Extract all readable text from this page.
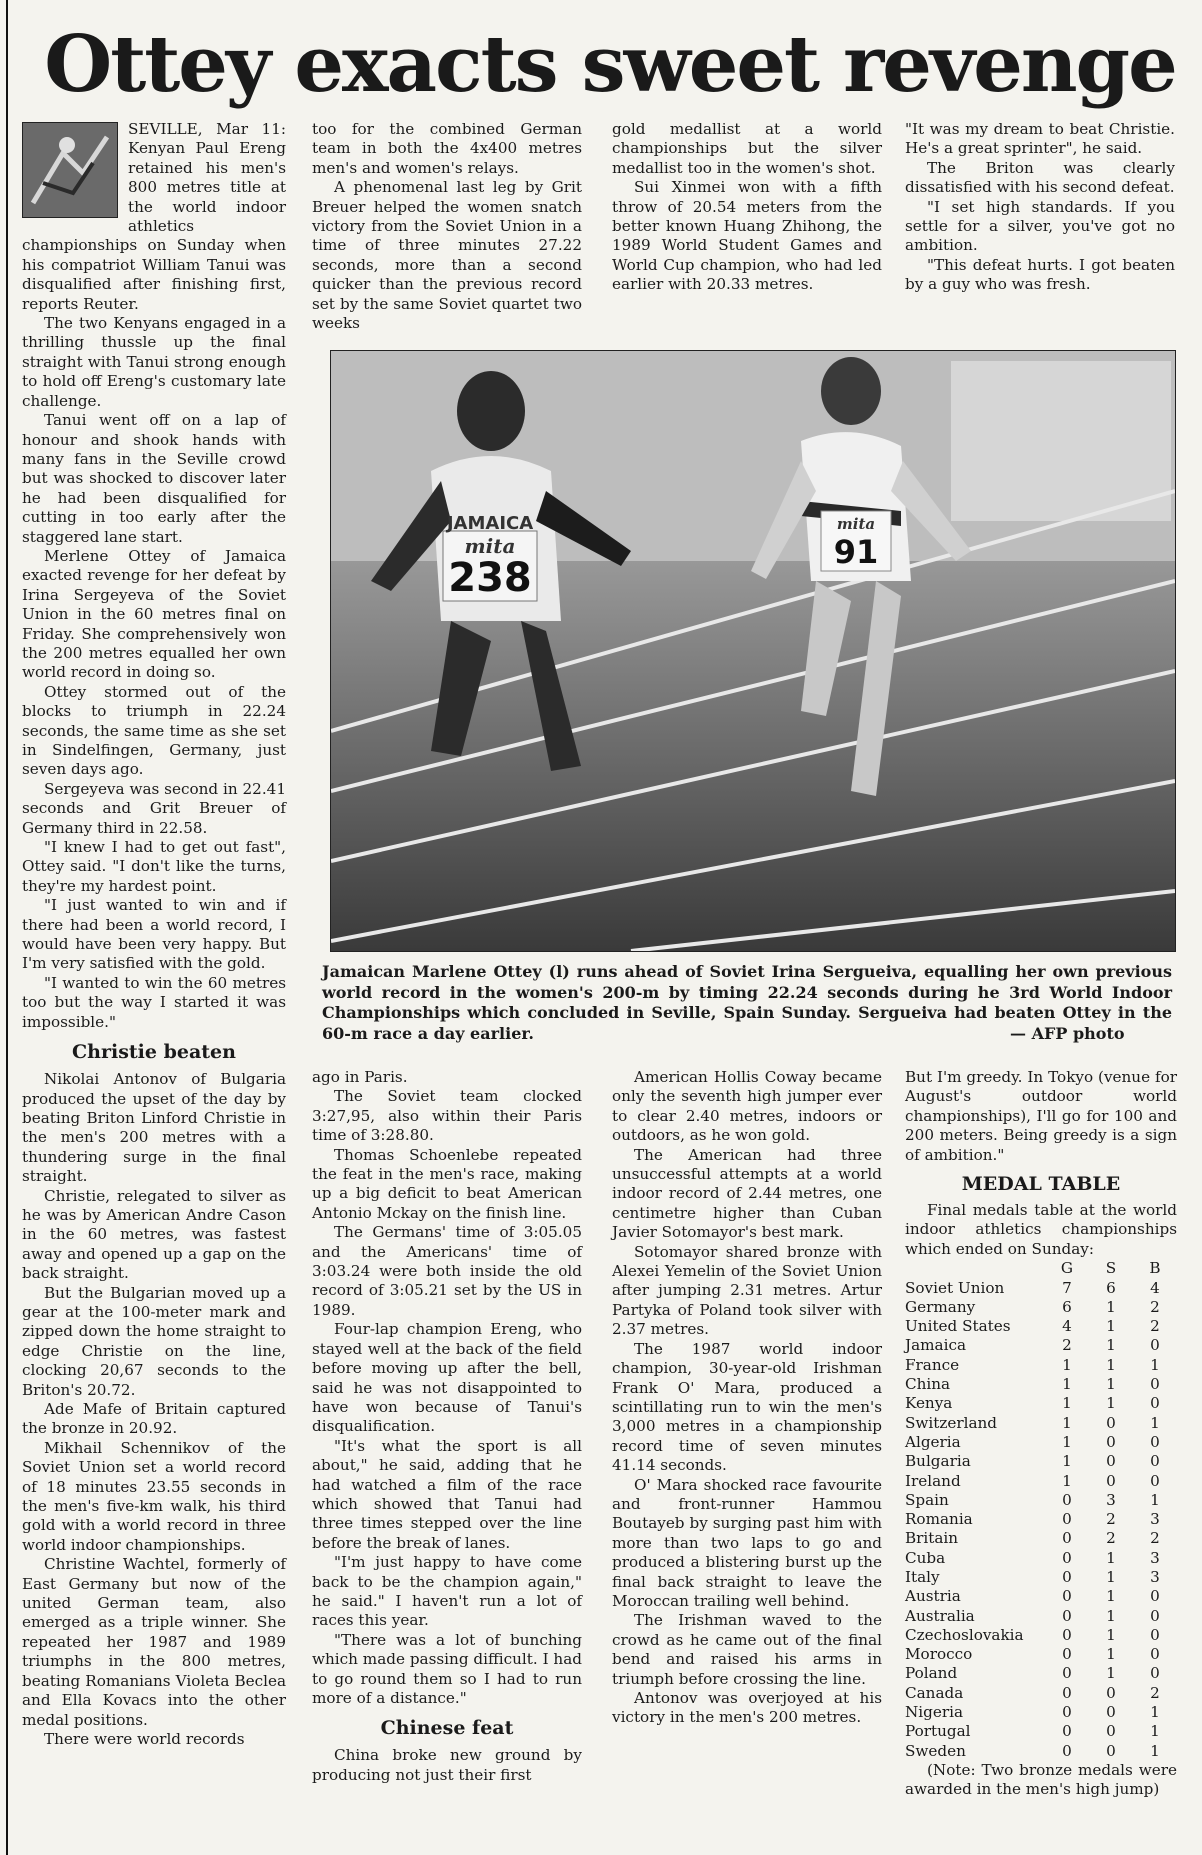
Ottey exacts sweet revenge

SEVILLE, Mar 11: Kenyan Paul Ereng retained his men's 800 metres title at the world indoor athletics championships on Sunday when his compatriot William Tanui was disqualified after finishing first, reports Reuter.

The two Kenyans engaged in a thrilling thussle up the final straight with Tanui strong enough to hold off Ereng's customary late challenge.

Tanui went off on a lap of honour and shook hands with many fans in the Seville crowd but was shocked to discover later he had been disqualified for cutting in too early after the staggered lane start.

Merlene Ottey of Jamaica exacted revenge for her defeat by Irina Sergeyeva of the Soviet Union in the 60 metres final on Friday. She comprehensively won the 200 metres equalled her own world record in doing so.

Ottey stormed out of the blocks to triumph in 22.24 seconds, the same time as she set in Sindelfingen, Germany, just seven days ago.

Sergeyeva was second in 22.41 seconds and Grit Breuer of Germany third in 22.58.

"I knew I had to get out fast", Ottey said. "I don't like the turns, they're my hardest point.

"I just wanted to win and if there had been a world record, I would have been very happy. But I'm very satisfied with the gold.

"I wanted to win the 60 metres too but the way I started it was impossible."

Christie beaten

Nikolai Antonov of Bulgaria produced the upset of the day by beating Briton Linford Christie in the men's 200 metres with a thundering surge in the final straight.

Christie, relegated to silver as he was by American Andre Cason in the 60 metres, was fastest away and opened up a gap on the back straight.

But the Bulgarian moved up a gear at the 100-meter mark and zipped down the home straight to edge Christie on the line, clocking 20,67 seconds to the Briton's 20.72.

Ade Mafe of Britain captured the bronze in 20.92.

Mikhail Schennikov of the Soviet Union set a world record of 18 minutes 23.55 seconds in the men's five-km walk, his third gold with a world record in three world indoor championships.

Christine Wachtel, formerly of East Germany but now of the united German team, also emerged as a triple winner. She repeated her 1987 and 1989 triumphs in the 800 metres, beating Romanians Violeta Beclea and Ella Kovacs into the other medal positions.

There were world records

too for the combined German team in both the 4x400 metres men's and women's relays.

A phenomenal last leg by Grit Breuer helped the women snatch victory from the Soviet Union in a time of three minutes 27.22 seconds, more than a second quicker than the previous record set by the same Soviet quartet two weeks

gold medallist at a world championships but the silver medallist too in the women's shot.

Sui Xinmei won with a fifth throw of 20.54 meters from the better known Huang Zhihong, the 1989 World Student Games and World Cup champion, who had led earlier with 20.33 metres.

"It was my dream to beat Christie. He's a great sprinter", he said.

The Briton was clearly dissatisfied with his second defeat.

"I set high standards. If you settle for a silver, you've got no ambition.

"This defeat hurts. I got beaten by a guy who was fresh.

JAMAICA
mita
238
mita
91
Jamaican Marlene Ottey (l) runs ahead of Soviet Irina Sergueiva, equalling her own previous world record in the women's 200-m by timing 22.24 seconds during he 3rd World Indoor Championships which concluded in Seville, Spain Sunday. Sergueiva had beaten Ottey in the 60-m race a day earlier.	— AFP photo

ago in Paris.

The Soviet team clocked 3:27,95, also within their Paris time of 3:28.80.

Thomas Schoenlebe repeated the feat in the men's race, making up a big deficit to beat American Antonio Mckay on the finish line.

The Germans' time of 3:05.05 and the Americans' time of 3:03.24 were both inside the old record of 3:05.21 set by the US in 1989.

Four-lap champion Ereng, who stayed well at the back of the field before moving up after the bell, said he was not disappointed to have won because of Tanui's disqualification.

"It's what the sport is all about," he said, adding that he had watched a film of the race which showed that Tanui had three times stepped over the line before the break of lanes.

"I'm just happy to have come back to be the champion again," he said." I haven't run a lot of races this year.

"There was a lot of bunching which made passing difficult. I had to go round them so I had to run more of a distance."

Chinese feat

China broke new ground by producing not just their first

American Hollis Coway became only the seventh high jumper ever to clear 2.40 metres, indoors or outdoors, as he won gold.

The American had three unsuccessful attempts at a world indoor record of 2.44 metres, one centimetre higher than Cuban Javier Sotomayor's best mark.

Sotomayor shared bronze with Alexei Yemelin of the Soviet Union after jumping 2.31 metres. Artur Partyka of Poland took silver with 2.37 metres.

The 1987 world indoor champion, 30-year-old Irishman Frank O' Mara, produced a scintillating run to win the men's 3,000 metres in a championship record time of seven minutes 41.14 seconds.

O' Mara shocked race favourite and front-runner Hammou Boutayeb by surging past him with more than two laps to go and produced a blistering burst up the final back straight to leave the Moroccan trailing well behind.

The Irishman waved to the crowd as he came out of the final bend and raised his arms in triumph before crossing the line.

Antonov was overjoyed at his victory in the men's 200 metres.

But I'm greedy. In Tokyo (venue for August's outdoor world championships), I'll go for 100 and 200 meters. Being greedy is a sign of ambition."

MEDAL TABLE

Final medals table at the world indoor athletics championships which ended on Sunday:

	G	S	B
Soviet Union	7	6	4
Germany	6	1	2
United States	4	1	2
Jamaica	2	1	0
France	1	1	1
China	1	1	0
Kenya	1	1	0
Switzerland	1	0	1
Algeria	1	0	0
Bulgaria	1	0	0
Ireland	1	0	0
Spain	0	3	1
Romania	0	2	3
Britain	0	2	2
Cuba	0	1	3
Italy	0	1	3
Austria	0	1	0
Australia	0	1	0
Czechoslovakia	0	1	0
Morocco	0	1	0
Poland	0	1	0
Canada	0	0	2
Nigeria	0	0	1
Portugal	0	0	1
Sweden	0	0	1

(Note: Two bronze medals were awarded in the men's high jump)
